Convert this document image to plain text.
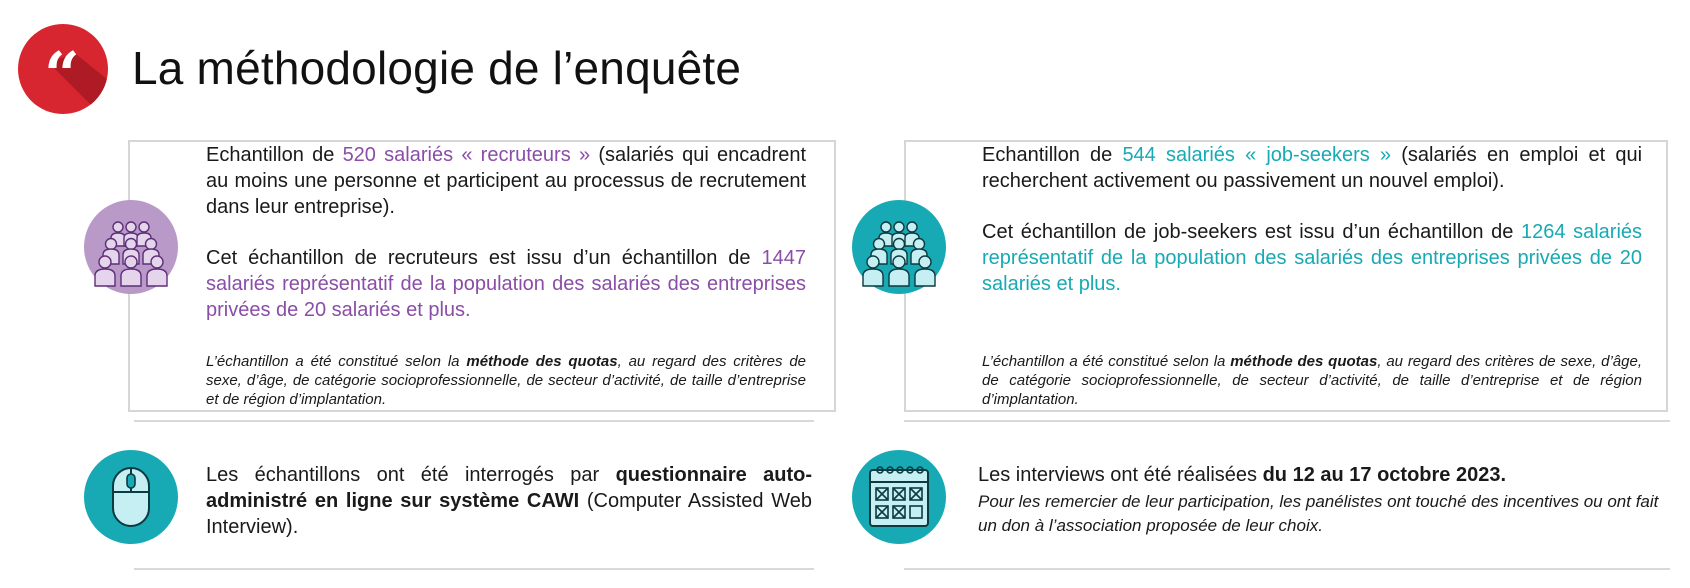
“ La méthodologie de l’enquête

Echantillon de 520 salariés « recruteurs » (salariés qui encadrent au moins une personne et participent au processus de recrutement dans leur entreprise).

Cet échantillon de recruteurs est issu d’un échantillon de 1447 salariés représentatif de la population des salariés des entreprises privées de 20 salariés et plus.

L’échantillon a été constitué selon la méthode des quotas, au regard des critères de sexe, d’âge, de catégorie socioprofessionnelle, de secteur d’activité, de taille d’entreprise et de région d’implantation.

Echantillon de 544 salariés « job-seekers » (salariés en emploi et qui recherchent activement ou passivement un nouvel emploi).

Cet échantillon de job-seekers est issu d’un échantillon de 1264 salariés représentatif de la population des salariés des entreprises privées de 20 salariés et plus.

L’échantillon a été constitué selon la méthode des quotas, au regard des critères de sexe, d’âge, de catégorie socioprofessionnelle, de secteur d’activité, de taille d’entreprise et de région d’implantation.
Les échantillons ont été interrogés par questionnaire auto-administré en ligne sur système CAWI (Computer Assisted Web Interview).
Les interviews ont été réalisées du 12 au 17 octobre 2023.
Pour les remercier de leur participation, les panélistes ont touché des incentives ou ont fait un don à l’association proposée de leur choix.
